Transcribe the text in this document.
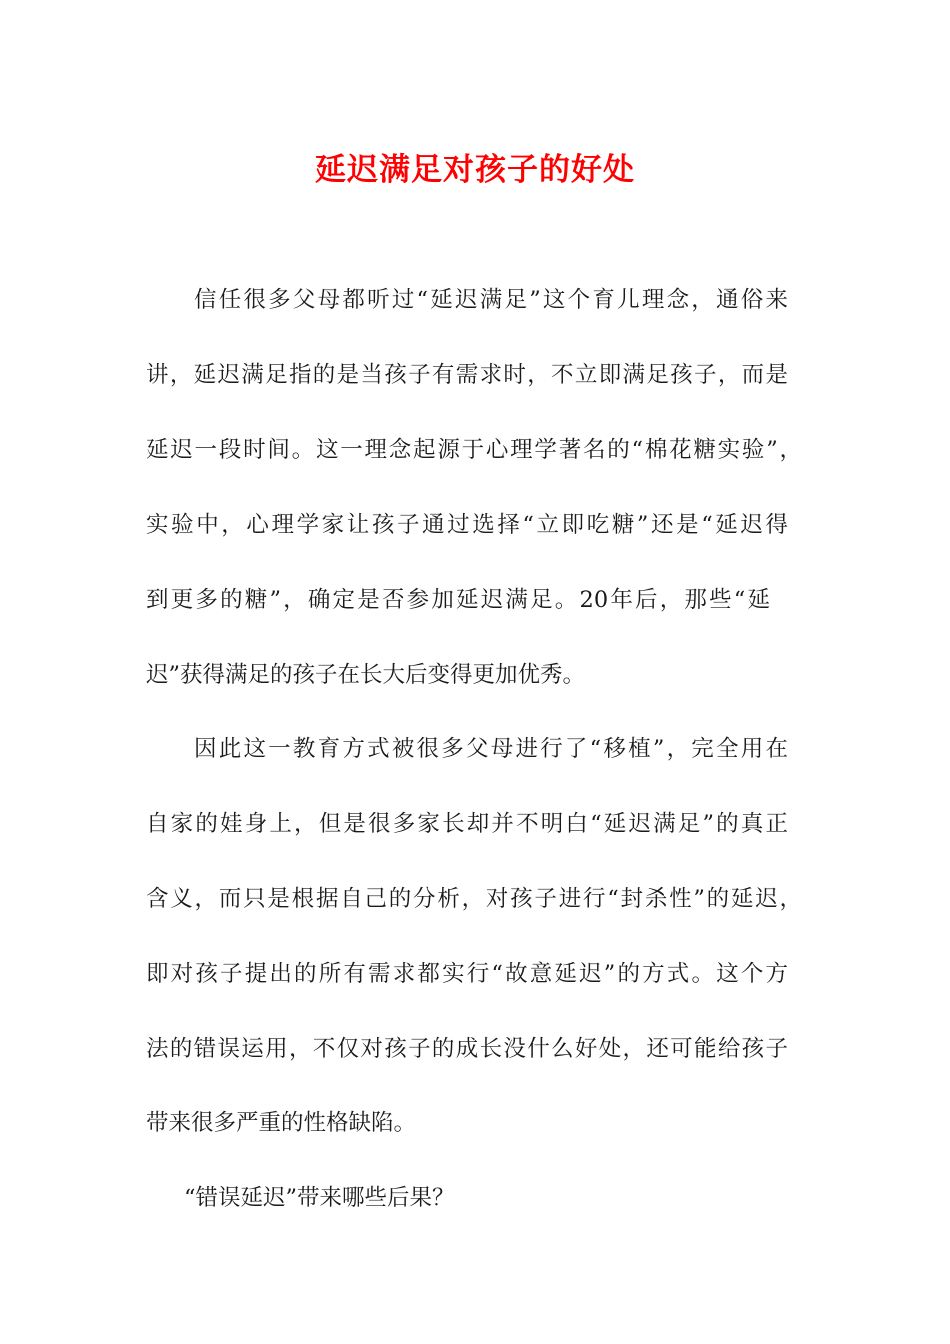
延迟满足对孩子的好处
信任很多父母都听过“延迟满足”这个育儿理念，通俗来
讲，延迟满足指的是当孩子有需求时，不立即满足孩子，而是
延迟一段时间。这一理念起源于心理学著名的“棉花糖实验”，
实验中，心理学家让孩子通过选择“立即吃糖”还是“延迟得
到更多的糖”，确定是否参加延迟满足。20年后，那些“延
迟”获得满足的孩子在长大后变得更加优秀。
因此这一教育方式被很多父母进行了“移植”，完全用在
自家的娃身上，但是很多家长却并不明白“延迟满足”的真正
含义，而只是根据自己的分析，对孩子进行“封杀性”的延迟，
即对孩子提出的所有需求都实行“故意延迟”的方式。这个方
法的错误运用，不仅对孩子的成长没什么好处，还可能给孩子
带来很多严重的性格缺陷。
“错误延迟”带来哪些后果？
